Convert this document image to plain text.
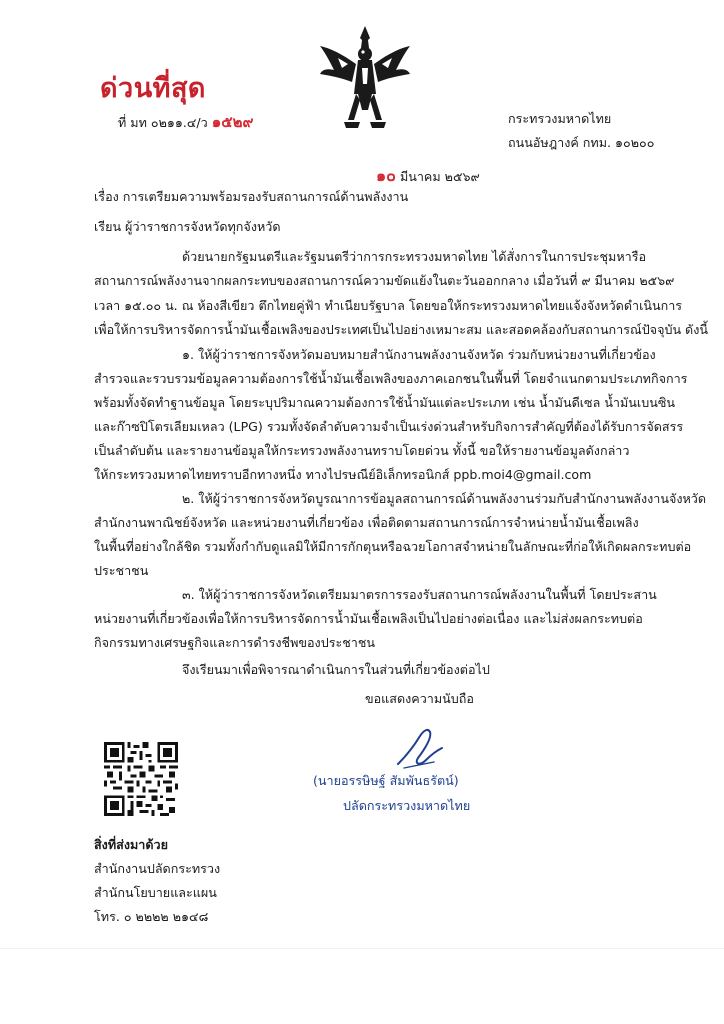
ด่วนที่สุด
ที่ มท ๐๒๑๑.๔/ว ๑๕๒๙	กระทรวงมหาดไทย
ถนนอัษฎางค์ กทม. ๑๐๒๐๐
๑๐ มีนาคม ๒๕๖๙
เรื่อง การเตรียมความพร้อมรองรับสถานการณ์ด้านพลังงาน
เรียน ผู้ว่าราชการจังหวัดทุกจังหวัด
ด้วยนายกรัฐมนตรีและรัฐมนตรีว่าการกระทรวงมหาดไทย ได้สั่งการในการประชุมหารือ
สถานการณ์พลังงานจากผลกระทบของสถานการณ์ความขัดแย้งในตะวันออกกลาง เมื่อวันที่ ๙ มีนาคม ๒๕๖๙
เวลา ๑๕.๐๐ น. ณ ห้องสีเขียว ตึกไทยคู่ฟ้า ทำเนียบรัฐบาล โดยขอให้กระทรวงมหาดไทยแจ้งจังหวัดดำเนินการ
เพื่อให้การบริหารจัดการน้ำมันเชื้อเพลิงของประเทศเป็นไปอย่างเหมาะสม และสอดคล้องกับสถานการณ์ปัจจุบัน ดังนี้
๑. ให้ผู้ว่าราชการจังหวัดมอบหมายสำนักงานพลังงานจังหวัด ร่วมกับหน่วยงานที่เกี่ยวข้อง
สำรวจและรวบรวมข้อมูลความต้องการใช้น้ำมันเชื้อเพลิงของภาคเอกชนในพื้นที่ โดยจำแนกตามประเภทกิจการ
พร้อมทั้งจัดทำฐานข้อมูล โดยระบุปริมาณความต้องการใช้น้ำมันแต่ละประเภท เช่น น้ำมันดีเซล น้ำมันเบนซิน
และก๊าซปิโตรเลียมเหลว (LPG) รวมทั้งจัดลำดับความจำเป็นเร่งด่วนสำหรับกิจการสำคัญที่ต้องได้รับการจัดสรร
เป็นลำดับต้น และรายงานข้อมูลให้กระทรวงพลังงานทราบโดยด่วน ทั้งนี้ ขอให้รายงานข้อมูลดังกล่าว
ให้กระทรวงมหาดไทยทราบอีกทางหนึ่ง ทางไปรษณีย์อิเล็กทรอนิกส์ ppb.moi4@gmail.com
๒. ให้ผู้ว่าราชการจังหวัดบูรณาการข้อมูลสถานการณ์ด้านพลังงานร่วมกับสำนักงานพลังงานจังหวัด
สำนักงานพาณิชย์จังหวัด และหน่วยงานที่เกี่ยวข้อง เพื่อติดตามสถานการณ์การจำหน่ายน้ำมันเชื้อเพลิง
ในพื้นที่อย่างใกล้ชิด รวมทั้งกำกับดูแลมิให้มีการกักตุนหรือฉวยโอกาสจำหน่ายในลักษณะที่ก่อให้เกิดผลกระทบต่อ
ประชาชน
๓. ให้ผู้ว่าราชการจังหวัดเตรียมมาตรการรองรับสถานการณ์พลังงานในพื้นที่ โดยประสาน
หน่วยงานที่เกี่ยวข้องเพื่อให้การบริหารจัดการน้ำมันเชื้อเพลิงเป็นไปอย่างต่อเนื่อง และไม่ส่งผลกระทบต่อ
กิจกรรมทางเศรษฐกิจและการดำรงชีพของประชาชน
จึงเรียนมาเพื่อพิจารณาดำเนินการในส่วนที่เกี่ยวข้องต่อไป
ขอแสดงความนับถือ
(นายอรรษิษฐ์ สัมพันธรัตน์)
ปลัดกระทรวงมหาดไทย
สิ่งที่ส่งมาด้วย
สำนักงานปลัดกระทรวง
สำนักนโยบายและแผน
โทร. ๐ ๒๒๒๒ ๒๑๔๘
